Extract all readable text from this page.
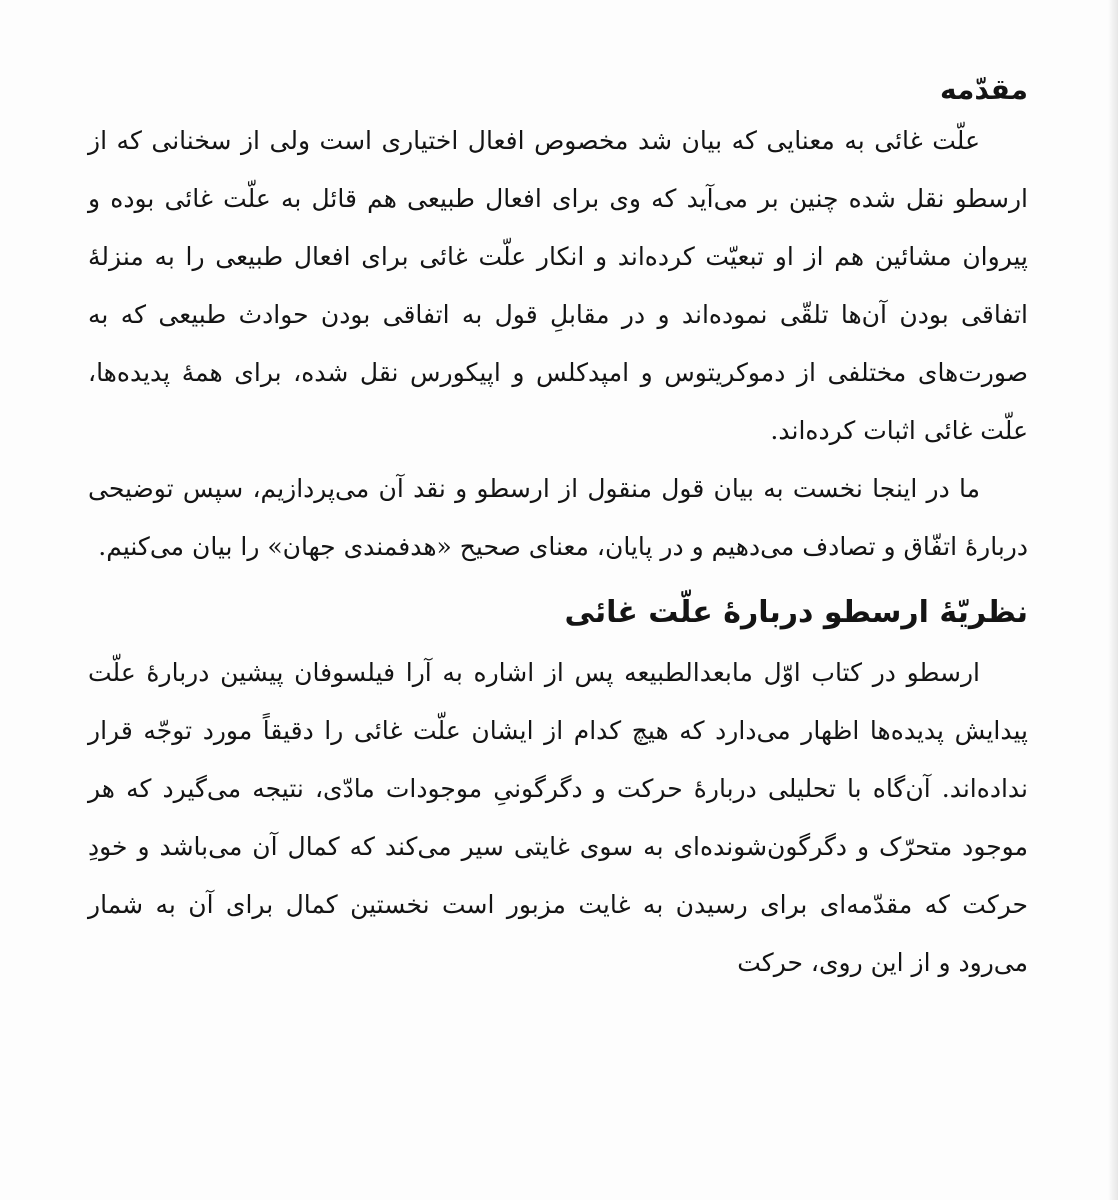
مقدّمه

علّت غائی به معنایی که بیان شد مخصوص افعال اختیاری است ولی از سخنانی که از ارسطو نقل شده چنین بر می‌آید که وی برای افعال طبیعی هم قائل به علّت غائی بوده و پیروان مشائین هم از او تبعیّت کرده‌اند و انکار علّت غائی برای افعال طبیعی را به منزلهٔ اتفاقی بودن آن‌ها تلقّی نموده‌اند و در مقابلِ قول به اتفاقی بودن حوادث طبیعی که به صورت‌های مختلفی از دموکریتوس و امپدکلس و اپیکورس نقل شده، برای همهٔ پدیده‌ها، علّت غائی اثبات کرده‌اند.

ما در اینجا نخست به بیان قول منقول از ارسطو و نقد آن می‌پردازیم، سپس توضیحی دربارهٔ اتفّاق و تصادف می‌دهیم و در پایان، معنای صحیح «هدفمندی جهان» را بیان می‌کنیم.

نظریّهٔ ارسطو دربارهٔ علّت غائی

ارسطو در کتاب اوّل مابعدالطبیعه پس از اشاره به آرا فیلسوفان پیشین دربارهٔ علّت پیدایش پدیده‌ها اظهار می‌دارد که هیچ کدام از ایشان علّت غائی را دقیقاً مورد توجّه قرار نداده‌اند. آن‌گاه با تحلیلی دربارهٔ حرکت و دگرگونیِ موجودات مادّی، نتیجه می‌گیرد که هر موجود متحرّک و دگرگون‌شونده‌ای به سوی غایتی سیر می‌کند که کمال آن می‌باشد و خودِ حرکت که مقدّمه‌ای برای رسیدن به غایت مزبور است نخستین کمال برای آن به شمار می‌رود و از این روی، حرکت
